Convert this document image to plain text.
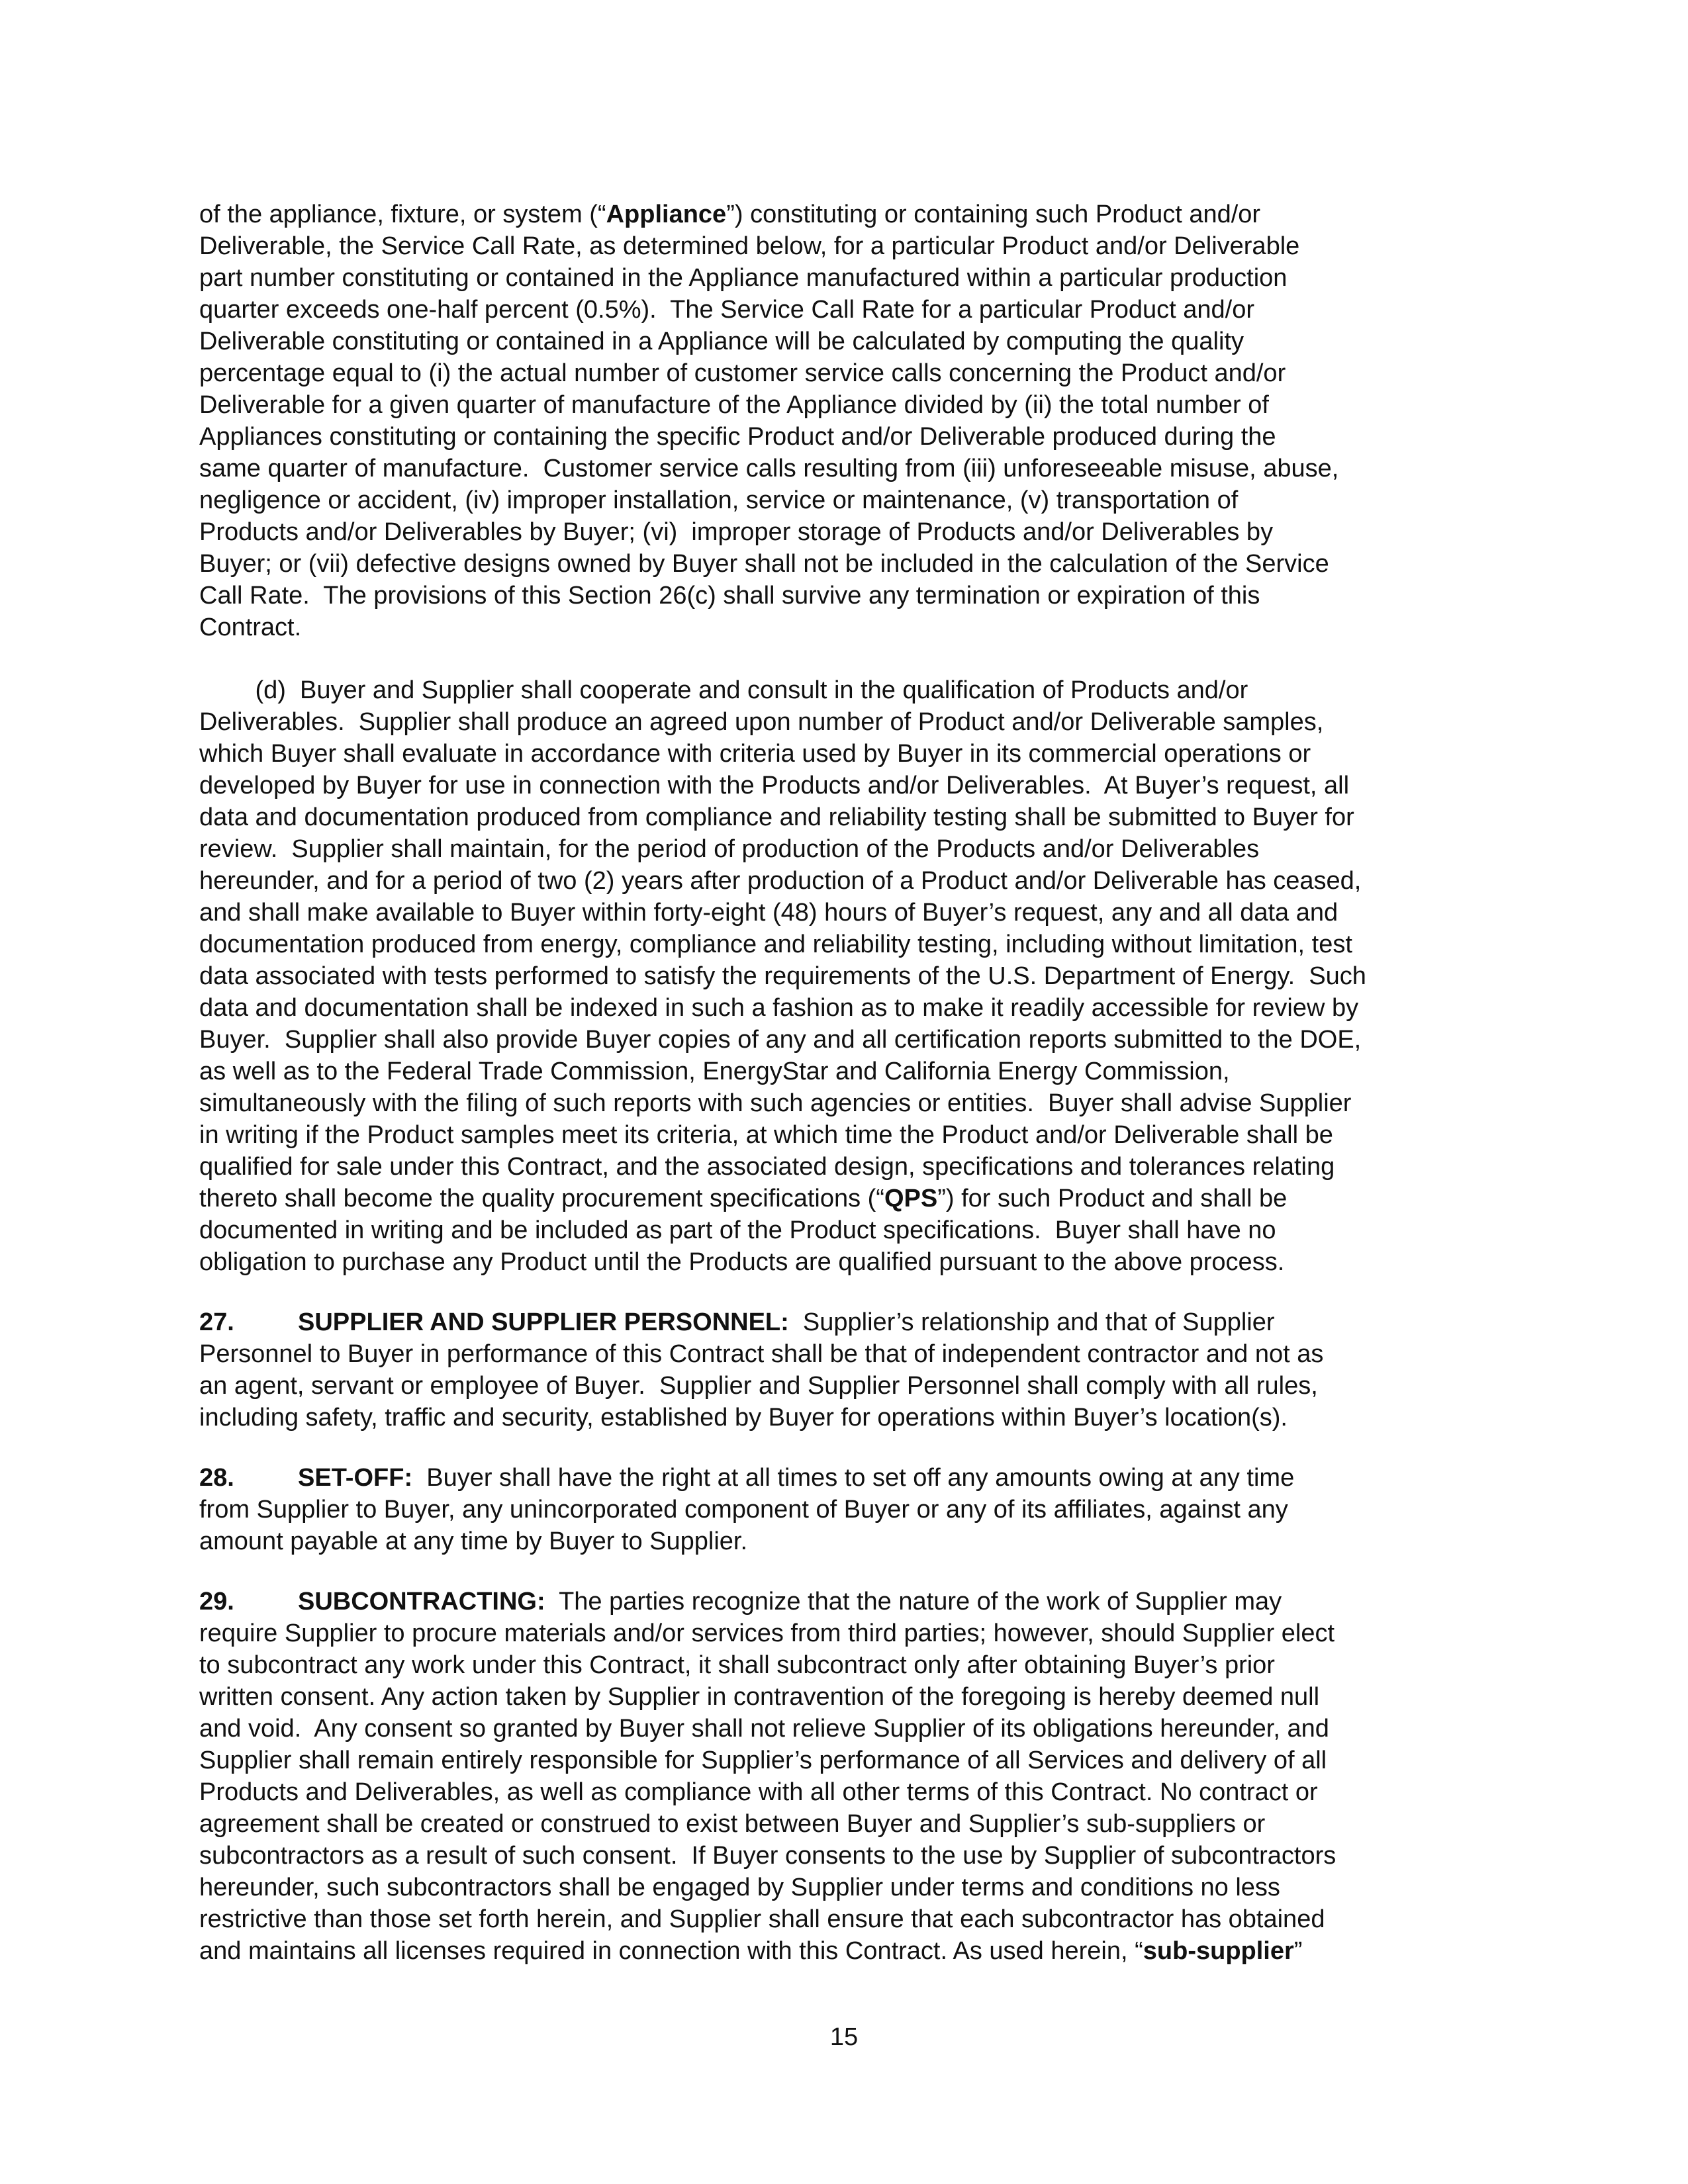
of the appliance, fixture, or system (“Appliance”) constituting or containing such Product and/or
Deliverable, the Service Call Rate, as determined below, for a particular Product and/or Deliverable
part number constituting or contained in the Appliance manufactured within a particular production
quarter exceeds one-half percent (0.5%).  The Service Call Rate for a particular Product and/or
Deliverable constituting or contained in a Appliance will be calculated by computing the quality
percentage equal to (i) the actual number of customer service calls concerning the Product and/or
Deliverable for a given quarter of manufacture of the Appliance divided by (ii) the total number of
Appliances constituting or containing the specific Product and/or Deliverable produced during the
same quarter of manufacture.  Customer service calls resulting from (iii) unforeseeable misuse, abuse,
negligence or accident, (iv) improper installation, service or maintenance, (v) transportation of
Products and/or Deliverables by Buyer; (vi)  improper storage of Products and/or Deliverables by
Buyer; or (vii) defective designs owned by Buyer shall not be included in the calculation of the Service
Call Rate.  The provisions of this Section 26(c) shall survive any termination or expiration of this
Contract.
(d)  Buyer and Supplier shall cooperate and consult in the qualification of Products and/or
Deliverables.  Supplier shall produce an agreed upon number of Product and/or Deliverable samples,
which Buyer shall evaluate in accordance with criteria used by Buyer in its commercial operations or
developed by Buyer for use in connection with the Products and/or Deliverables.  At Buyer’s request, all
data and documentation produced from compliance and reliability testing shall be submitted to Buyer for
review.  Supplier shall maintain, for the period of production of the Products and/or Deliverables
hereunder, and for a period of two (2) years after production of a Product and/or Deliverable has ceased,
and shall make available to Buyer within forty-eight (48) hours of Buyer’s request, any and all data and
documentation produced from energy, compliance and reliability testing, including without limitation, test
data associated with tests performed to satisfy the requirements of the U.S. Department of Energy.  Such
data and documentation shall be indexed in such a fashion as to make it readily accessible for review by
Buyer.  Supplier shall also provide Buyer copies of any and all certification reports submitted to the DOE,
as well as to the Federal Trade Commission, EnergyStar and California Energy Commission,
simultaneously with the filing of such reports with such agencies or entities.  Buyer shall advise Supplier
in writing if the Product samples meet its criteria, at which time the Product and/or Deliverable shall be
qualified for sale under this Contract, and the associated design, specifications and tolerances relating
thereto shall become the quality procurement specifications (“QPS”) for such Product and shall be
documented in writing and be included as part of the Product specifications.  Buyer shall have no
obligation to purchase any Product until the Products are qualified pursuant to the above process.
27.	SUPPLIER AND SUPPLIER PERSONNEL:  Supplier’s relationship and that of Supplier
Personnel to Buyer in performance of this Contract shall be that of independent contractor and not as
an agent, servant or employee of Buyer.  Supplier and Supplier Personnel shall comply with all rules,
including safety, traffic and security, established by Buyer for operations within Buyer’s location(s).
28.	SET-OFF:  Buyer shall have the right at all times to set off any amounts owing at any time
from Supplier to Buyer, any unincorporated component of Buyer or any of its affiliates, against any
amount payable at any time by Buyer to Supplier.
29.	SUBCONTRACTING:  The parties recognize that the nature of the work of Supplier may
require Supplier to procure materials and/or services from third parties; however, should Supplier elect
to subcontract any work under this Contract, it shall subcontract only after obtaining Buyer’s prior
written consent. Any action taken by Supplier in contravention of the foregoing is hereby deemed null
and void.  Any consent so granted by Buyer shall not relieve Supplier of its obligations hereunder, and
Supplier shall remain entirely responsible for Supplier’s performance of all Services and delivery of all
Products and Deliverables, as well as compliance with all other terms of this Contract. No contract or
agreement shall be created or construed to exist between Buyer and Supplier’s sub-suppliers or
subcontractors as a result of such consent.  If Buyer consents to the use by Supplier of subcontractors
hereunder, such subcontractors shall be engaged by Supplier under terms and conditions no less
restrictive than those set forth herein, and Supplier shall ensure that each subcontractor has obtained
and maintains all licenses required in connection with this Contract. As used herein, “sub-supplier”
15
